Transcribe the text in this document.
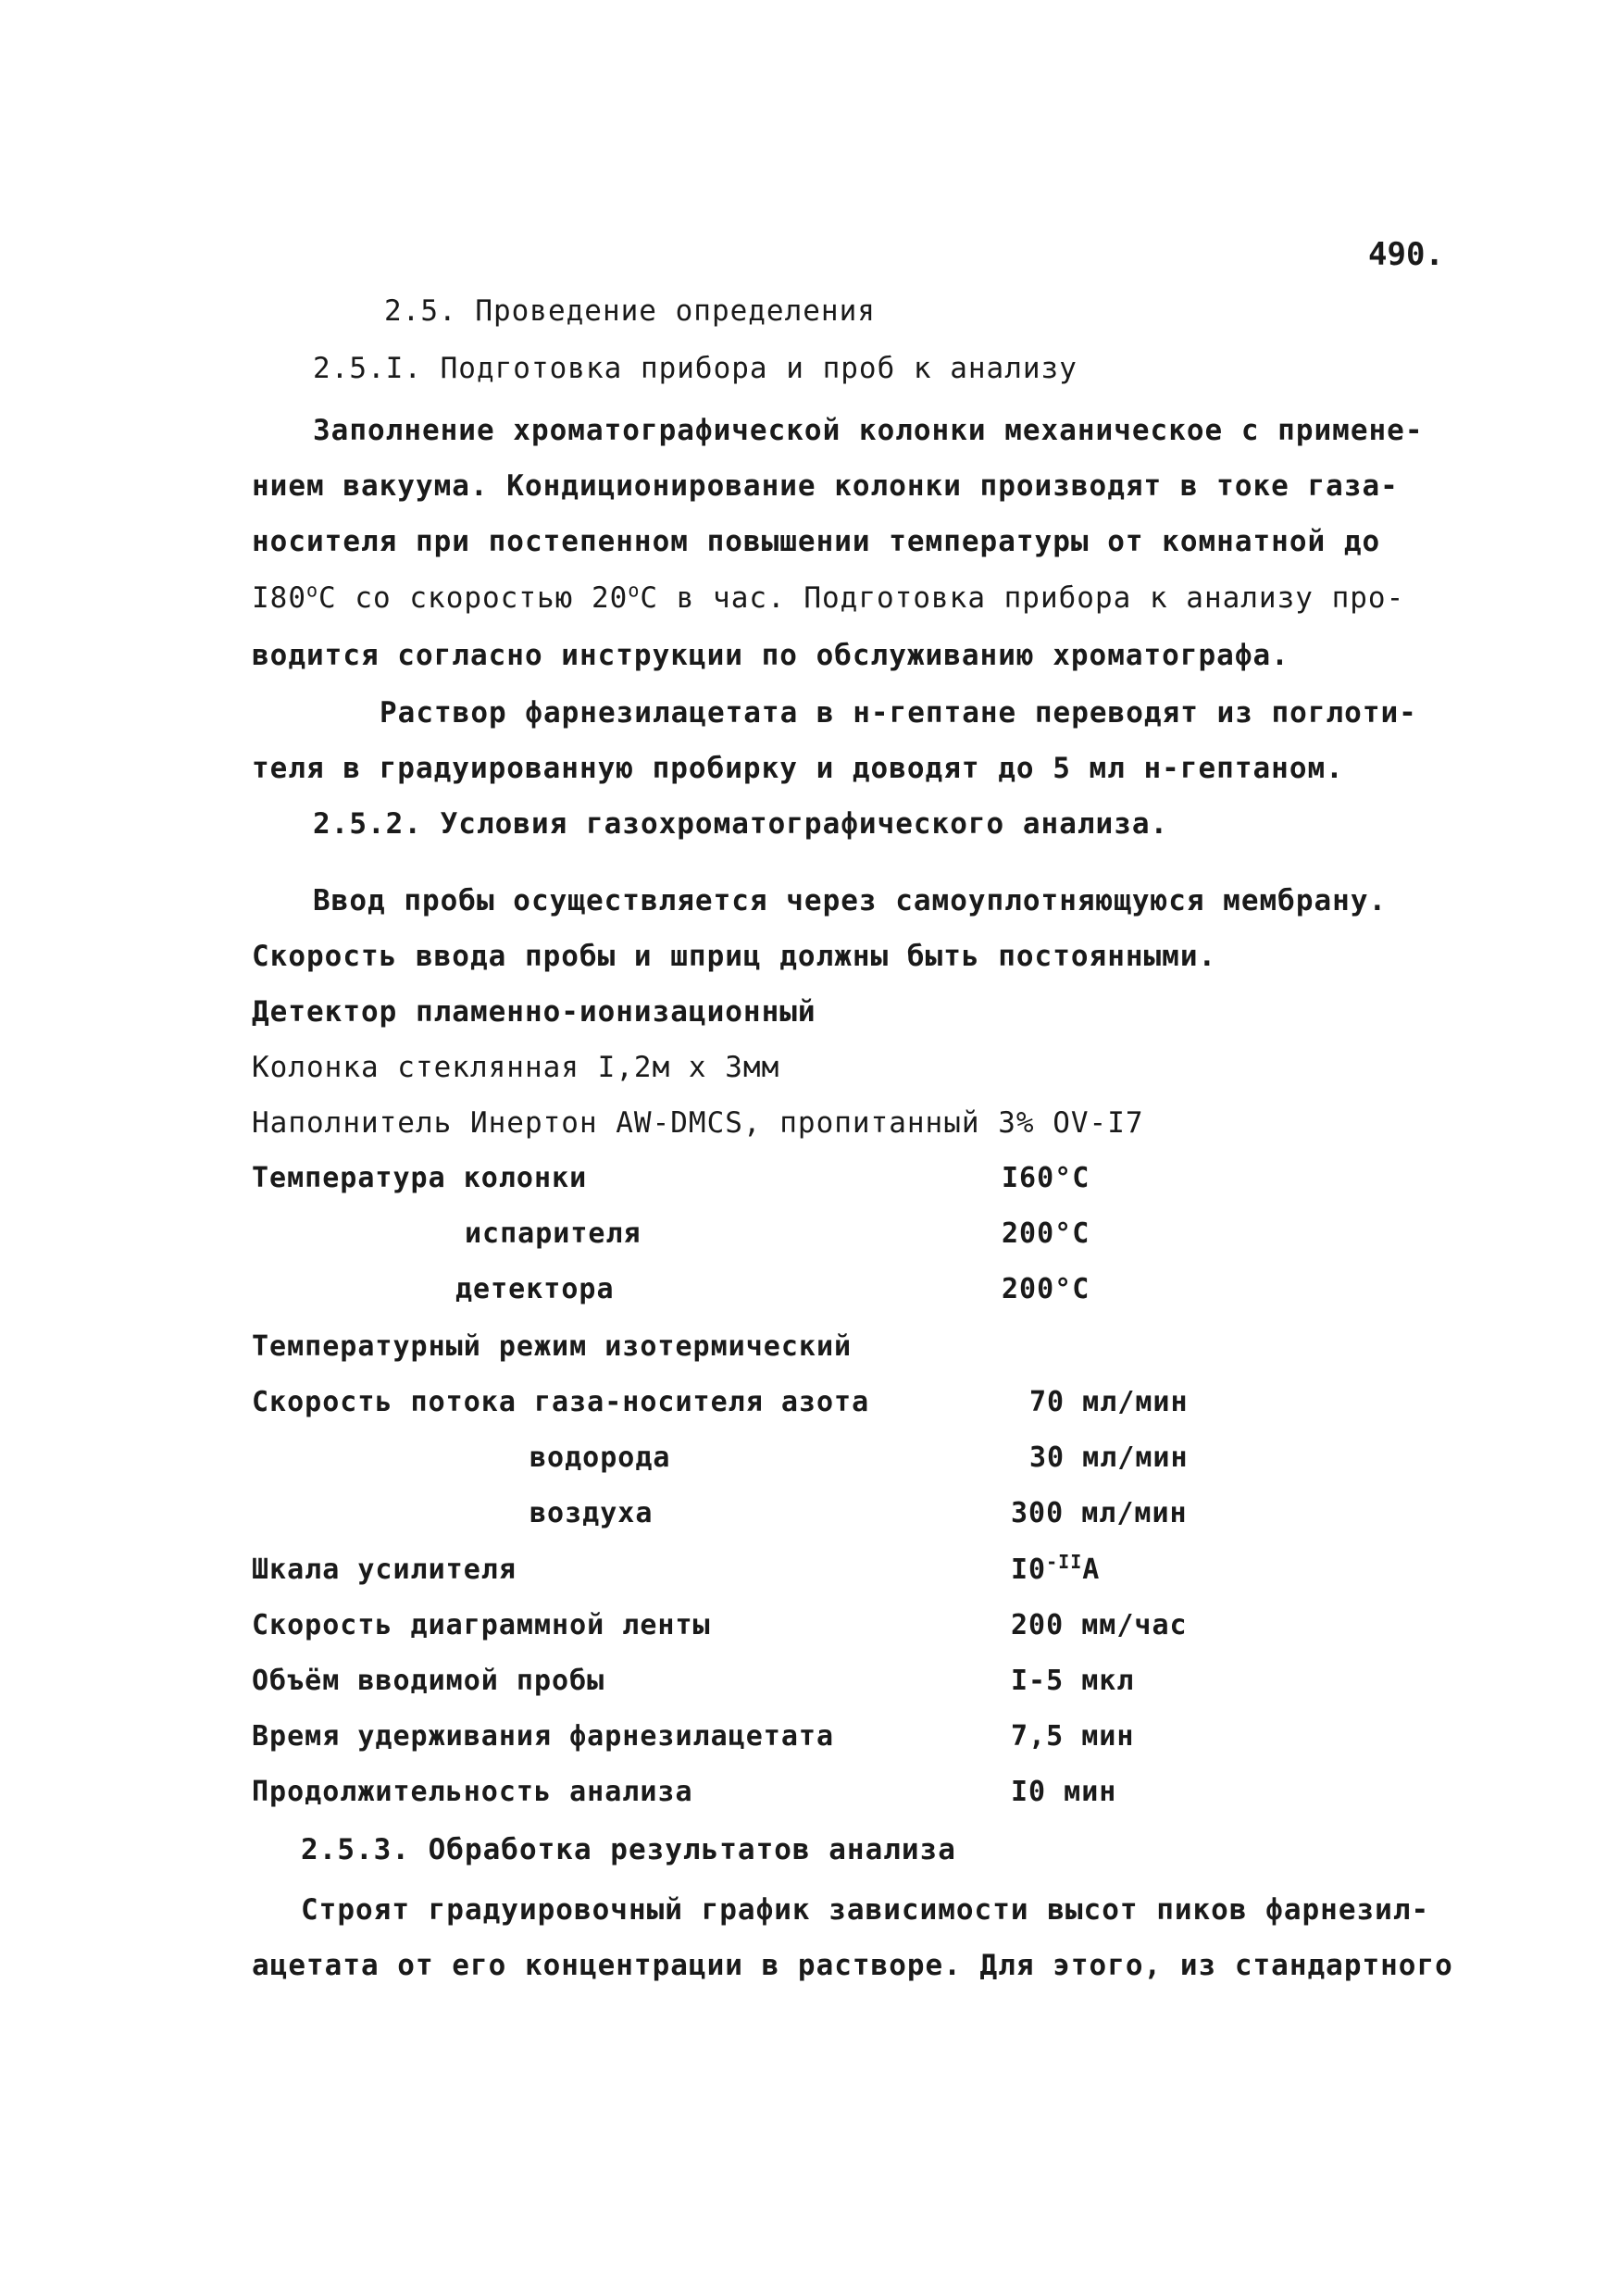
490.
2.5. Проведение определения
2.5.I. Подготовка прибора и проб к анализу
Заполнение хроматографической колонки механическое с примене-
нием вакуума. Кондиционирование колонки производят в токе газа-
носителя при постепенном повышении температуры от комнатной до
$I80^оС$ со скоростью $20^оС$ в час. Подготовка прибора к анализу про-
водится согласно инструкции по обслуживанию хроматографа.
Раствор фарнезилацетата в н-гептане переводят из поглоти-
теля в градуированную пробирку и доводят до 5 мл н-гептаном.
2.5.2. Условия газохроматографического анализа.
Ввод пробы осуществляется через самоуплотняющуюся мембрану.
Скорость ввода пробы и шприц должны быть постоянными.
Детектор пламенно-ионизационный
Колонка стеклянная I,2м х 3мм
Наполнитель Инертон AW-DMCS, пропитанный 3% OV-I7
Температура колонки	I60°С
испарителя	200°С
детектора	200°С
Температурный режим изотермический
Скорость потока газа-носителя азота	70 мл/мин
водорода	30 мл/мин
воздуха	300 мл/мин
Шкала усилителя	$I0^{-II}А$
Скорость диаграммной ленты	200 мм/час
Объём вводимой пробы	I-5 мкл
Время удерживания фарнезилацетата	7,5 мин
Продолжительность анализа	I0 мин
2.5.3. Обработка результатов анализа
Строят градуировочный график зависимости высот пиков фарнезил-
ацетата от его концентрации в растворе. Для этого, из стандартного
